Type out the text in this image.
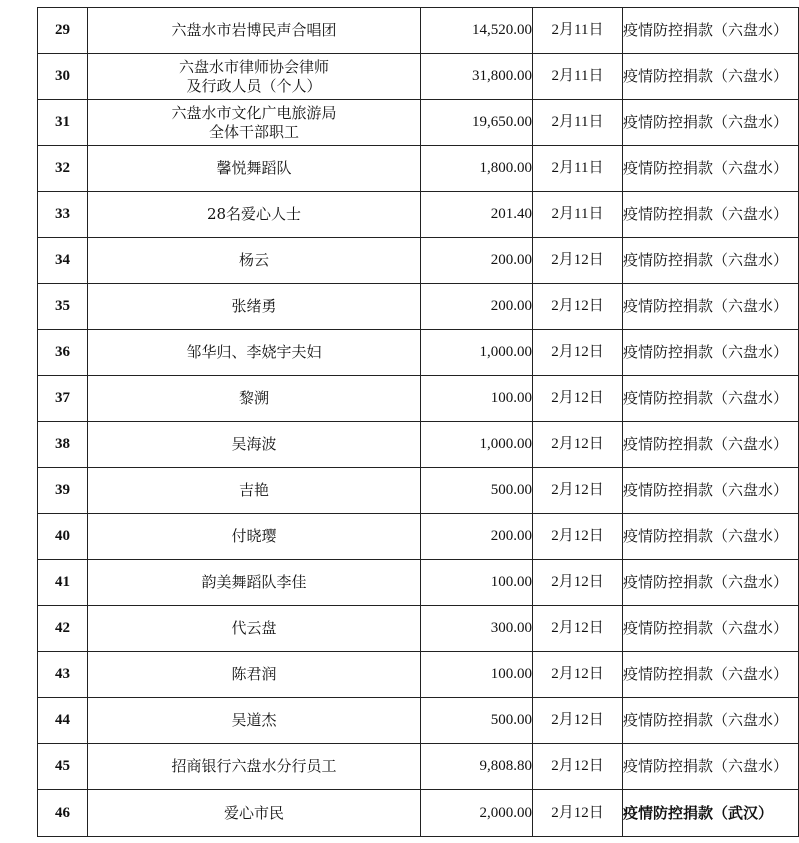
29	六盘水市岩博民声合唱团	14,520.00	2月11日	疫情防控捐款（六盘水）
30	六盘水市律师协会律师
及行政人员（个人）	31,800.00	2月11日	疫情防控捐款（六盘水）
31	六盘水市文化广电旅游局
全体干部职工	19,650.00	2月11日	疫情防控捐款（六盘水）
32	馨悦舞蹈队	1,800.00	2月11日	疫情防控捐款（六盘水）
33	28名爱心人士	201.40	2月11日	疫情防控捐款（六盘水）
34	杨云	200.00	2月12日	疫情防控捐款（六盘水）
35	张绪勇	200.00	2月12日	疫情防控捐款（六盘水）
36	邹华归、李娆宇夫妇	1,000.00	2月12日	疫情防控捐款（六盘水）
37	黎溯	100.00	2月12日	疫情防控捐款（六盘水）
38	吴海波	1,000.00	2月12日	疫情防控捐款（六盘水）
39	吉艳	500.00	2月12日	疫情防控捐款（六盘水）
40	付晓璎	200.00	2月12日	疫情防控捐款（六盘水）
41	韵美舞蹈队李佳	100.00	2月12日	疫情防控捐款（六盘水）
42	代云盘	300.00	2月12日	疫情防控捐款（六盘水）
43	陈君润	100.00	2月12日	疫情防控捐款（六盘水）
44	吴道杰	500.00	2月12日	疫情防控捐款（六盘水）
45	招商银行六盘水分行员工	9,808.80	2月12日	疫情防控捐款（六盘水）
46	爱心市民	2,000.00	2月12日	疫情防控捐款（武汉）
